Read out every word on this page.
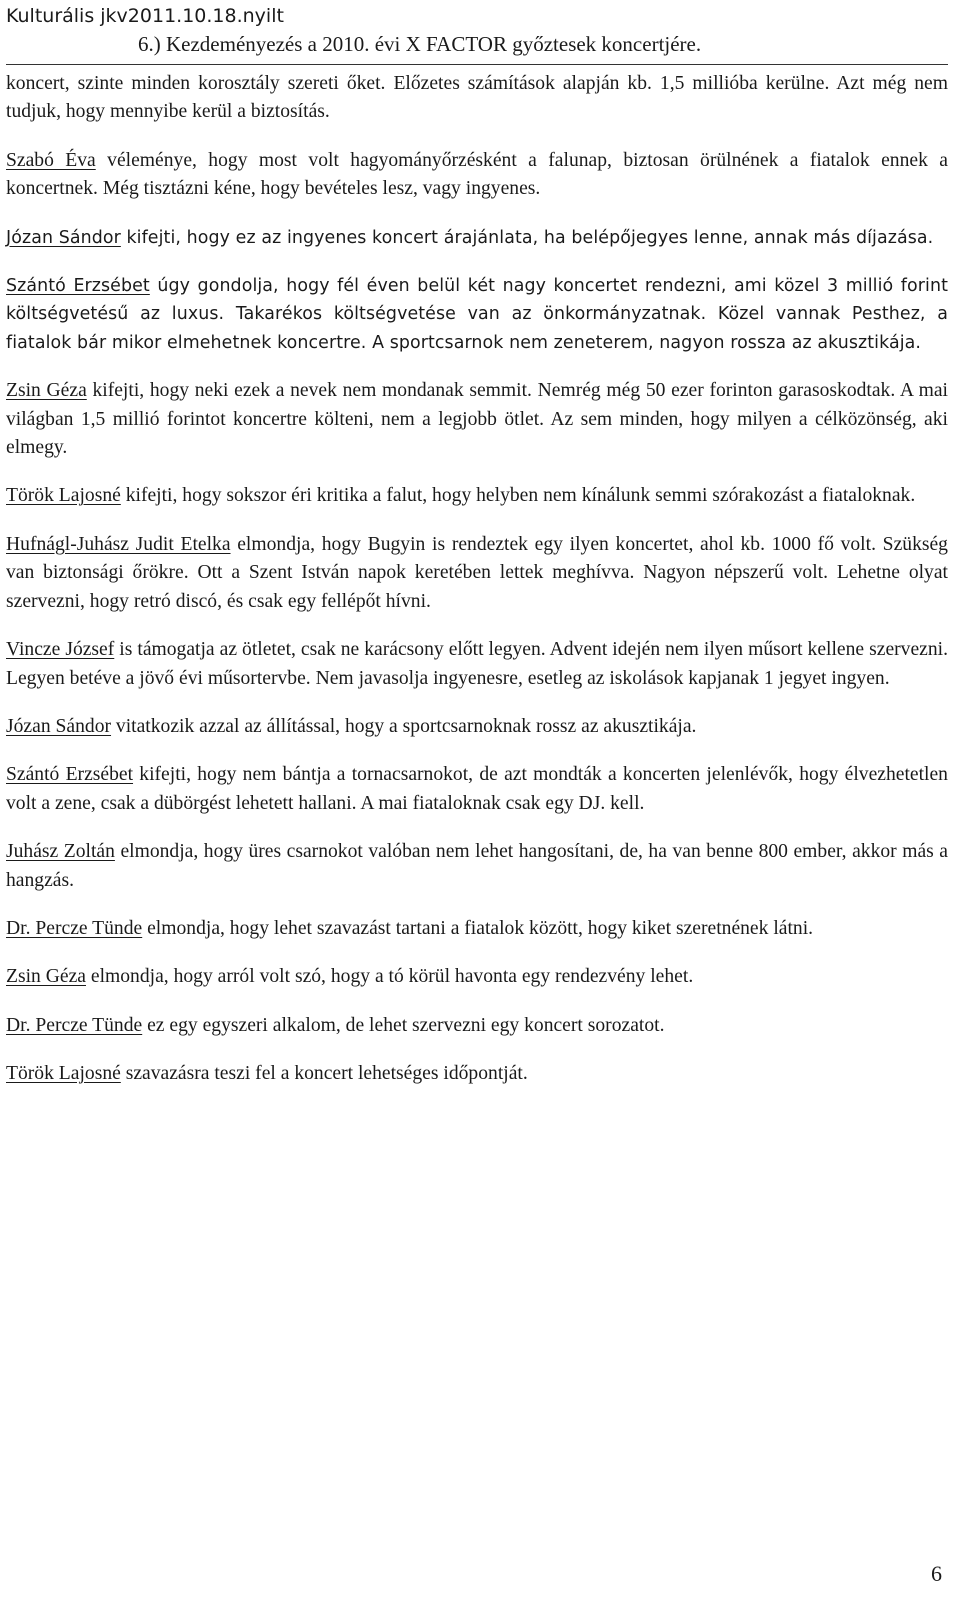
Kulturális jkv2011.10.18.nyilt

6.) Kezdeményezés a 2010. évi X FACTOR győztesek koncertjére.

koncert, szinte minden korosztály szereti őket. Előzetes számítások alapján kb. 1,5 millióba kerülne. Azt még nem tudjuk, hogy mennyibe kerül a biztosítás.

Szabó Éva véleménye, hogy most volt hagyományőrzésként a falunap, biztosan örülnének a fiatalok ennek a koncertnek. Még tisztázni kéne, hogy bevételes lesz, vagy ingyenes.

Józan Sándor kifejti, hogy ez az ingyenes koncert árajánlata, ha belépőjegyes lenne, annak más díjazása.

Szántó Erzsébet úgy gondolja, hogy fél éven belül két nagy koncertet rendezni, ami közel 3 millió forint költségvetésű az luxus. Takarékos költségvetése van az önkormányzatnak. Közel vannak Pesthez, a fiatalok bár mikor elmehetnek koncertre. A sportcsarnok nem zeneterem, nagyon rossza az akusztikája.

Zsin Géza kifejti, hogy neki ezek a nevek nem mondanak semmit. Nemrég még 50 ezer forinton garasoskodtak. A mai világban 1,5 millió forintot koncertre költeni, nem a legjobb ötlet. Az sem minden, hogy milyen a célközönség, aki elmegy.

Török Lajosné kifejti, hogy sokszor éri kritika a falut, hogy helyben nem kínálunk semmi szórakozást a fiataloknak.

Hufnágl-Juhász Judit Etelka elmondja, hogy Bugyin is rendeztek egy ilyen koncertet, ahol kb. 1000 fő volt. Szükség van biztonsági őrökre. Ott a Szent István napok keretében lettek meghívva. Nagyon népszerű volt. Lehetne olyat szervezni, hogy retró discó, és csak egy fellépőt hívni.

Vincze József is támogatja az ötletet, csak ne karácsony előtt legyen. Advent idején nem ilyen műsort kellene szervezni. Legyen betéve a jövő évi műsortervbe. Nem javasolja ingyenesre, esetleg az iskolások kapjanak 1 jegyet ingyen.

Józan Sándor vitatkozik azzal az állítással, hogy a sportcsarnoknak rossz az akusztikája.

Szántó Erzsébet kifejti, hogy nem bántja a tornacsarnokot, de azt mondták a koncerten jelenlévők, hogy élvezhetetlen volt a zene, csak a dübörgést lehetett hallani. A mai fiataloknak csak egy DJ. kell.

Juhász Zoltán elmondja, hogy üres csarnokot valóban nem lehet hangosítani, de, ha van benne 800 ember, akkor más a hangzás.

Dr. Percze Tünde elmondja, hogy lehet szavazást tartani a fiatalok között, hogy kiket szeretnének látni.

Zsin Géza elmondja, hogy arról volt szó, hogy a tó körül havonta egy rendezvény lehet.

Dr. Percze Tünde ez egy egyszeri alkalom, de lehet szervezni egy koncert sorozatot.

Török Lajosné szavazásra teszi fel a koncert lehetséges időpontját.

6
